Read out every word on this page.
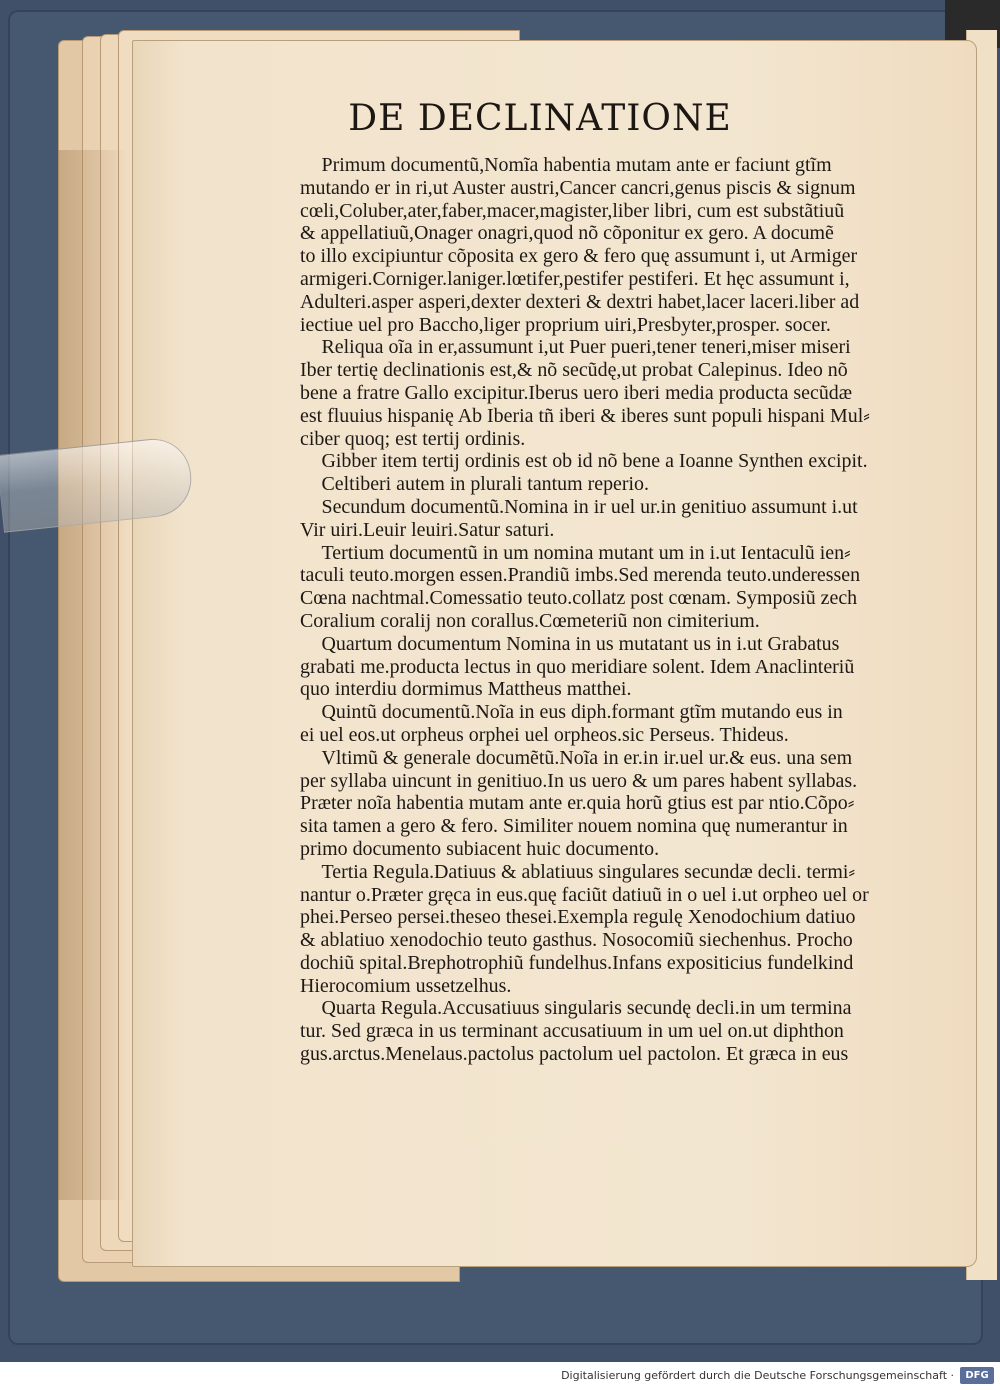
DE DECLINATIONE
Primum documentũ,Nomĩa habentia mutam ante er faciunt gtĩm
mutando er in ri,ut Auster austri,Cancer cancri,genus piscis & signum
cœli,Coluber,ater,faber,macer,magister,liber libri, cum est substãtiuũ
& appellatiuũ,Onager onagri,quod nõ cõponitur ex gero. A documẽ
to illo excipiuntur cõposita ex gero & fero quę assumunt i, ut Armiger
armigeri.Corniger.laniger.lœtifer,pestifer pestiferi. Et hęc assumunt i,
Adulteri.asper asperi,dexter dexteri & dextri habet,lacer laceri.liber ad
iectiue uel pro Baccho,liger proprium uiri,Presbyter,prosper. socer.
Reliqua oĩa in er,assumunt i,ut Puer pueri,tener teneri,miser miseri
Iber tertię declinationis est,& nõ secũdę,ut probat Calepinus. Ideo nõ
bene a fratre Gallo excipitur.Iberus uero iberi media producta secũdæ
est fluuius hispanię Ab Iberia tñ iberi & iberes sunt populi hispani Mul⸗
ciber quoq; est tertij ordinis.
Gibber item tertij ordinis est ob id nõ bene a Ioanne Synthen excipit.
Celtiberi autem in plurali tantum reperio.
Secundum documentũ.Nomina in ir uel ur.in genitiuo assumunt i.ut
Vir uiri.Leuir leuiri.Satur saturi.
Tertium documentũ in um nomina mutant um in i.ut Ientaculũ ien⸗
taculi teuto.morgen essen.Prandiũ imbs.Sed merenda teuto.underessen
Cœna nachtmal.Comessatio teuto.collatz post cœnam. Symposiũ zech
Coralium coralij non corallus.Cœmeteriũ non cimiterium.
Quartum documentum Nomina in us mutatant us in i.ut Grabatus
grabati me.producta lectus in quo meridiare solent. Idem Anaclinteriũ
quo interdiu dormimus Mattheus matthei.
Quintũ documentũ.Noĩa in eus diph.formant gtĩm mutando eus in
ei uel eos.ut orpheus orphei uel orpheos.sic Perseus. Thideus.
Vltimũ & generale documẽtũ.Noĩa in er.in ir.uel ur.& eus. una sem
per syllaba uincunt in genitiuo.In us uero & um pares habent syllabas.
Præter noĩa habentia mutam ante er.quia horũ gtius est par ntio.Cõpo⸗
sita tamen a gero & fero. Similiter nouem nomina quę numerantur in
primo documento subiacent huic documento.
Tertia Regula.Datiuus & ablatiuus singulares secundæ decli. termi⸗
nantur o.Præter gręca in eus.quę faciũt datiuũ in o uel i.ut orpheo uel or
phei.Perseo persei.theseo thesei.Exempla regulę Xenodochium datiuo
& ablatiuo xenodochio teuto gasthus. Nosocomiũ siechenhus. Procho
dochiũ spital.Brephotrophiũ fundelhus.Infans expositicius fundelkind
Hierocomium ussetzelhus.
Quarta Regula.Accusatiuus singularis secundę decli.in um termina
tur. Sed græca in us terminant accusatiuum in um uel on.ut diphthon
gus.arctus.Menelaus.pactolus pactolum uel pactolon. Et græca in eus
Digitalisierung gefördert durch die Deutsche Forschungsgemeinschaft ·	DFG
